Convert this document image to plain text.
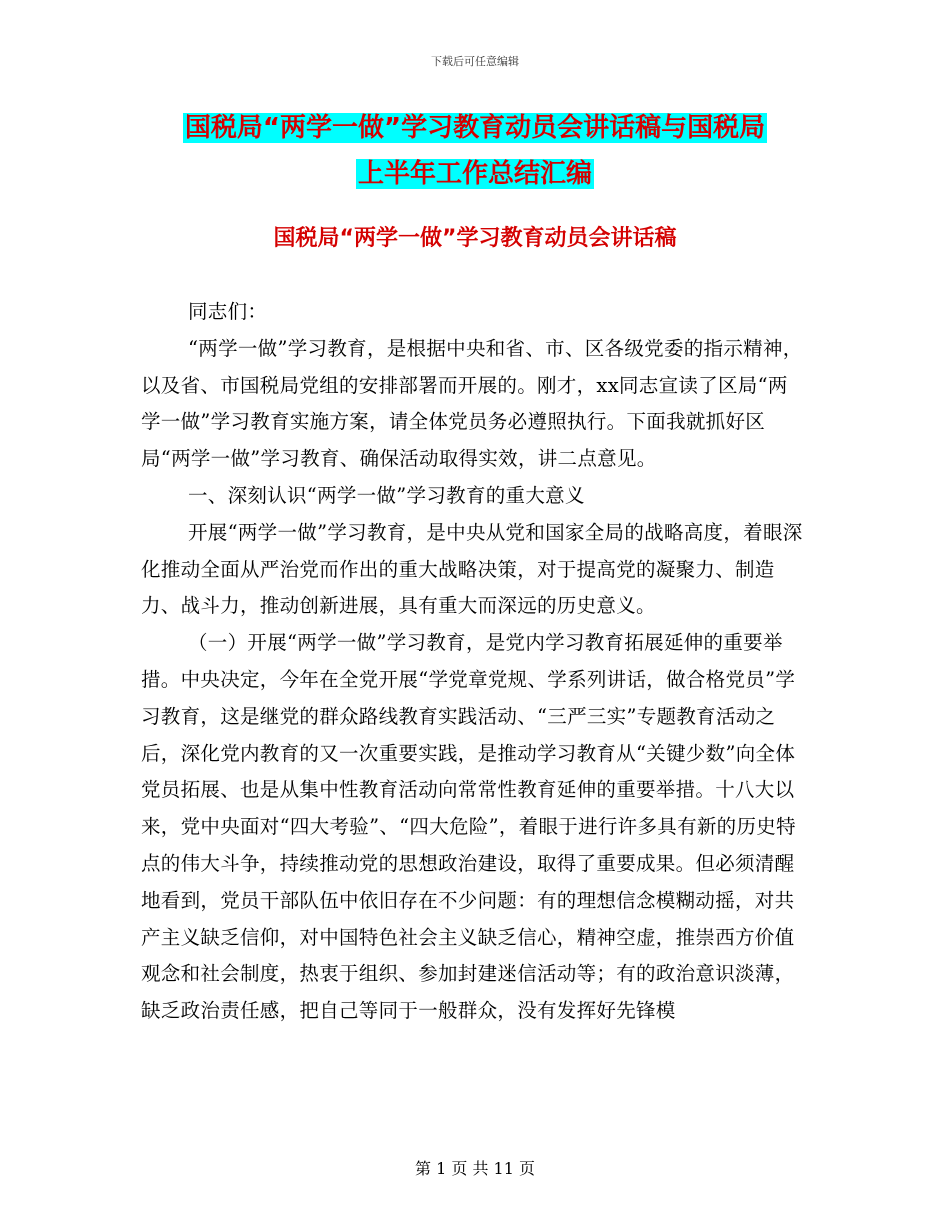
下载后可任意编辑
国税局“两学一做”学习教育动员会讲话稿与国税局
上半年工作总结汇编
国税局“两学一做”学习教育动员会讲话稿

同志们：

“两学一做”学习教育，是根据中央和省、市、区各级党委的指示精神，以及省、市国税局党组的安排部署而开展的。刚才，xx同志宣读了区局“两学一做”学习教育实施方案，请全体党员务必遵照执行。下面我就抓好区局“两学一做”学习教育、确保活动取得实效，讲二点意见。

一、深刻认识“两学一做”学习教育的重大意义

开展“两学一做”学习教育，是中央从党和国家全局的战略高度，着眼深化推动全面从严治党而作出的重大战略决策，对于提高党的凝聚力、制造力、战斗力，推动创新进展，具有重大而深远的历史意义。

（一）开展“两学一做”学习教育，是党内学习教育拓展延伸的重要举措。中央决定，今年在全党开展“学党章党规、学系列讲话，做合格党员”学习教育，这是继党的群众路线教育实践活动、“三严三实”专题教育活动之后，深化党内教育的又一次重要实践，是推动学习教育从“关键少数”向全体党员拓展、也是从集中性教育活动向常常性教育延伸的重要举措。十八大以来，党中央面对“四大考验”、“四大危险”，着眼于进行许多具有新的历史特点的伟大斗争，持续推动党的思想政治建设，取得了重要成果。但必须清醒地看到，党员干部队伍中依旧存在不少问题：有的理想信念模糊动摇，对共产主义缺乏信仰，对中国特色社会主义缺乏信心，精神空虚，推崇西方价值观念和社会制度，热衷于组织、参加封建迷信活动等；有的政治意识淡薄，缺乏政治责任感，把自己等同于一般群众，没有发挥好先锋模

第 1 页 共 11 页
